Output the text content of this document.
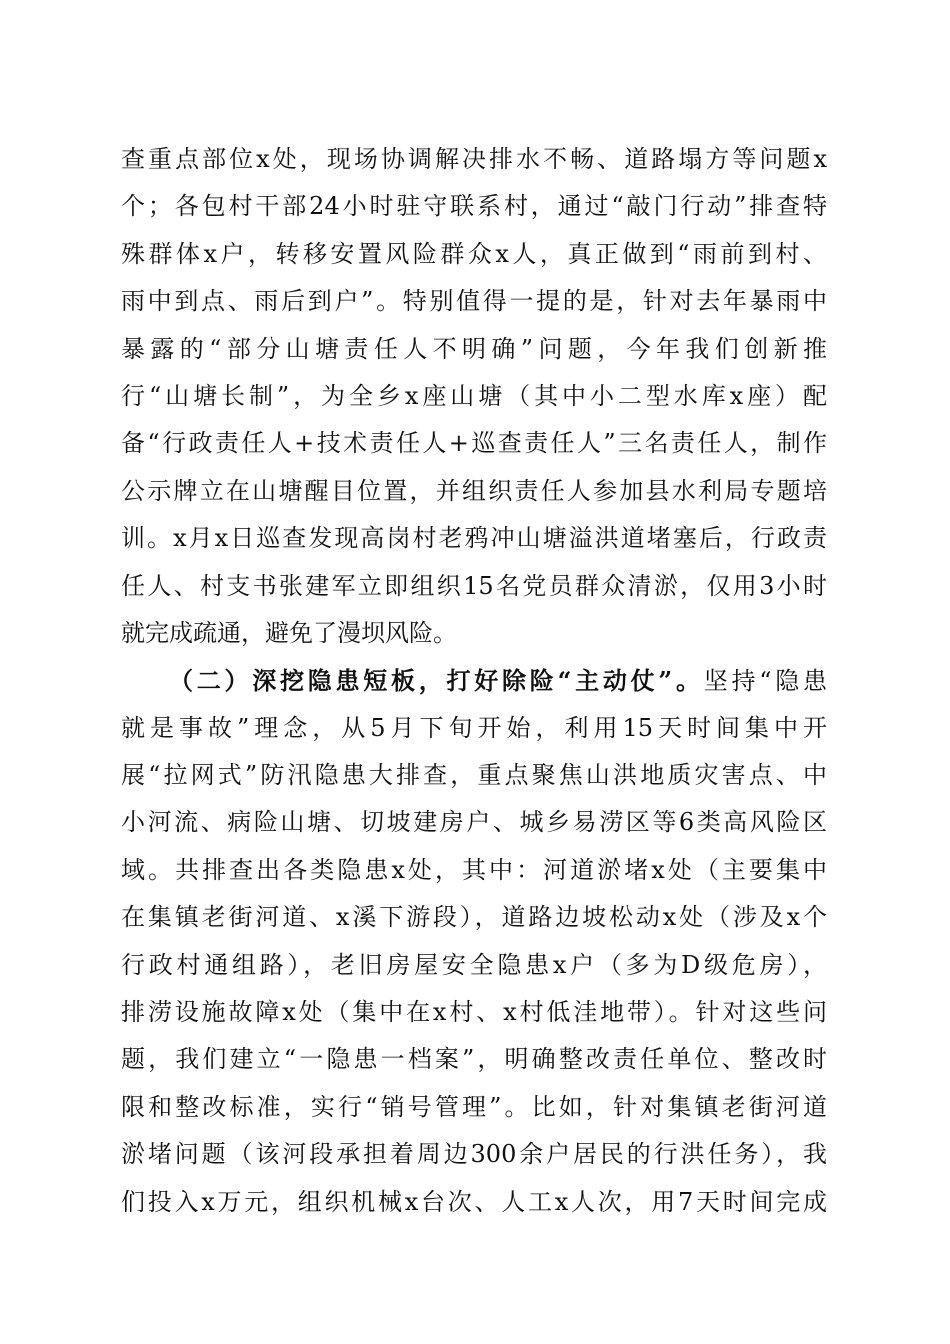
查重点部位x处，现场协调解决排水不畅、道路塌方等问题x
个；各包村干部24小时驻守联系村，通过“敲门行动”排查特
殊群体x户，转移安置风险群众x人，真正做到“雨前到村、
雨中到点、雨后到户”。特别值得一提的是，针对去年暴雨中
暴露的“部分山塘责任人不明确”问题，今年我们创新推
行“山塘长制”，为全乡x座山塘（其中小二型水库x座）配
备“行政责任人+技术责任人+巡查责任人”三名责任人，制作
公示牌立在山塘醒目位置，并组织责任人参加县水利局专题培
训。x月x日巡查发现高岗村老鸦冲山塘溢洪道堵塞后，行政责
任人、村支书张建军立即组织15名党员群众清淤，仅用3小时
就完成疏通，避免了漫坝风险。
（二）深挖隐患短板，打好除险“主动仗”。坚持“隐患
就是事故”理念，从5月下旬开始，利用15天时间集中开
展“拉网式”防汛隐患大排查，重点聚焦山洪地质灾害点、中
小河流、病险山塘、切坡建房户、城乡易涝区等6类高风险区
域。共排查出各类隐患x处，其中：河道淤堵x处（主要集中
在集镇老街河道、x溪下游段），道路边坡松动x处（涉及x个
行政村通组路），老旧房屋安全隐患x户（多为D级危房），
排涝设施故障x处（集中在x村、x村低洼地带）。针对这些问
题，我们建立“一隐患一档案”，明确整改责任单位、整改时
限和整改标准，实行“销号管理”。比如，针对集镇老街河道
淤堵问题（该河段承担着周边300余户居民的行洪任务），我
们投入x万元，组织机械x台次、人工x人次，用7天时间完成
